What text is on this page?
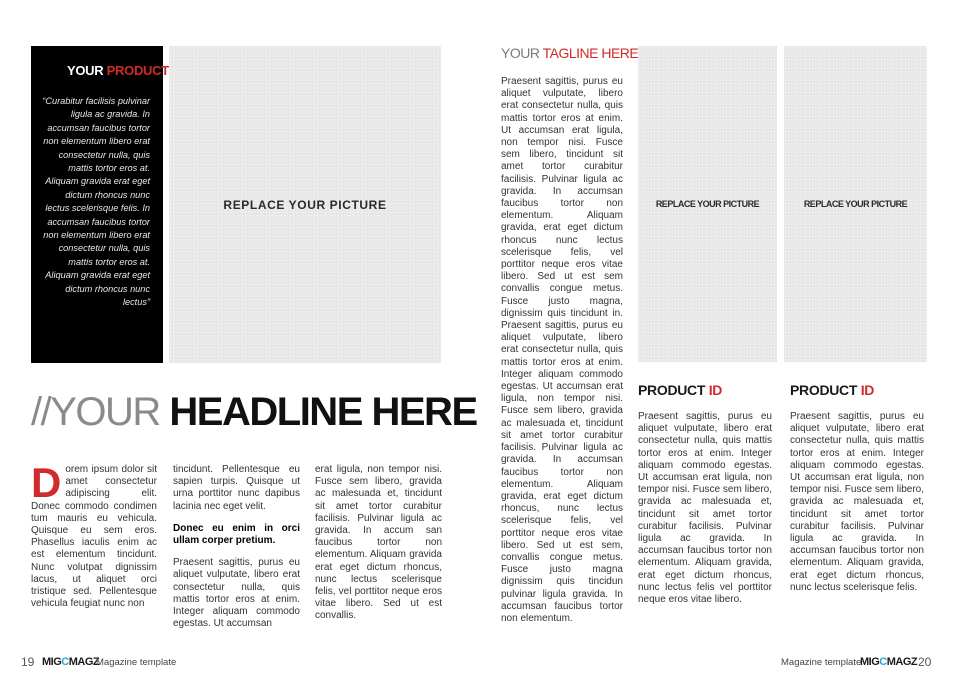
YOUR PRODUCT
“Curabitur facilisis pulvinar ligula ac gravida. In accumsan faucibus tortor non elementum libero erat consectetur nulla, quis mattis tortor eros at. Aliquam gravida erat eget dictum rhoncus nunc lectus scelerisque felis. In accumsan faucibus tortor non elementum libero erat consectetur nulla, quis mattis tortor eros at. Aliquam gravida erat eget dictum rhoncus nunc lectus”
REPLACE YOUR PICTURE
//YOUR HEADLINE HERE
D orem ipsum dolor sit amet consectetur adipiscing elit. Donec commodo condimen tum mauris eu vehicula. Quisque eu sem eros. Phasellus iaculis enim ac est elementum tincidunt. Nunc volutpat dignissim lacus, ut aliquet orci tristique sed. Pellentesque vehicula feugiat nunc non

tincidunt. Pellentesque eu sapien turpis. Quisque ut urna porttitor nunc dapibus lacinia nec eget velit.

Donec eu enim in orci ullam corper pretium.

Praesent sagittis, purus eu aliquet vulputate, libero erat consectetur nulla, quis mattis tortor eros at enim. Integer aliquam commodo egestas. Ut accumsan

erat ligula, non tempor nisi. Fusce sem libero, gravida ac malesuada et, tincidunt sit amet tortor curabitur facilisis. Pulvinar ligula ac gravida. In accum san faucibus tortor non elementum. Aliquam gravida erat eget dictum rhoncus, nunc lectus scelerisque felis, vel porttitor neque eros vitae libero. Sed ut est convallis.
YOUR TAGLINE HERE
Praesent sagittis, purus eu aliquet vulputate, libero erat consectetur nulla, quis mattis tortor eros at enim. Ut accumsan erat ligula, non tempor nisi. Fusce sem libero, tincidunt sit amet tortor curabitur facilisis. Pulvinar ligula ac gravida. In accumsan faucibus tortor non elementum. Aliquam gravida, erat eget dictum rhoncus nunc lectus scelerisque felis, vel porttitor neque eros vitae libero. Sed ut est sem convallis congue metus. Fusce justo magna, dignissim quis tincidunt in. Praesent sagittis, purus eu aliquet vulputate, libero erat consectetur nulla, quis mattis tortor eros at enim. Integer aliquam commodo egestas. Ut accumsan erat ligula, non tempor nisi. Fusce sem libero, gravida ac malesuada et, tincidunt sit amet tortor curabitur facilisis. Pulvinar ligula ac gravida. In accumsan faucibus tortor non elementum. Aliquam gravida, erat eget dictum rhoncus, nunc lectus scelerisque felis, vel porttitor neque eros vitae libero. Sed ut est sem, convallis congue metus. Fusce justo magna dignissim quis tincidun pulvinar ligula gravida. In accumsan faucibus tortor non elementum.
REPLACE YOUR PICTURE	REPLACE YOUR PICTURE
PRODUCT ID	PRODUCT ID
Praesent sagittis, purus eu aliquet vulputate, libero erat consectetur nulla, quis mattis tortor eros at enim. Integer aliquam commodo egestas. Ut accumsan erat ligula, non tempor nisi. Fusce sem libero, gravida ac malesuada et, tincidunt sit amet tortor curabitur facilisis. Pulvinar ligula ac gravida. In accumsan faucibus tortor non elementum. Aliquam gravida, erat eget dictum rhoncus, nunc lectus felis vel porttitor neque eros vitae libero.
Praesent sagittis, purus eu aliquet vulputate, libero erat consectetur nulla, quis mattis tortor eros at enim. Integer aliquam commodo egestas. Ut accumsan erat ligula, non tempor nisi. Fusce sem libero, gravida ac malesuada et, tincidunt sit amet tortor curabitur facilisis. Pulvinar ligula ac gravida. In accumsan faucibus tortor non elementum. Aliquam gravida, erat eget dictum rhoncus, nunc lectus scelerisque felis.
19 MIGCMAGZ
Magazine template	Magazine template
MIGCMAGZ 20
